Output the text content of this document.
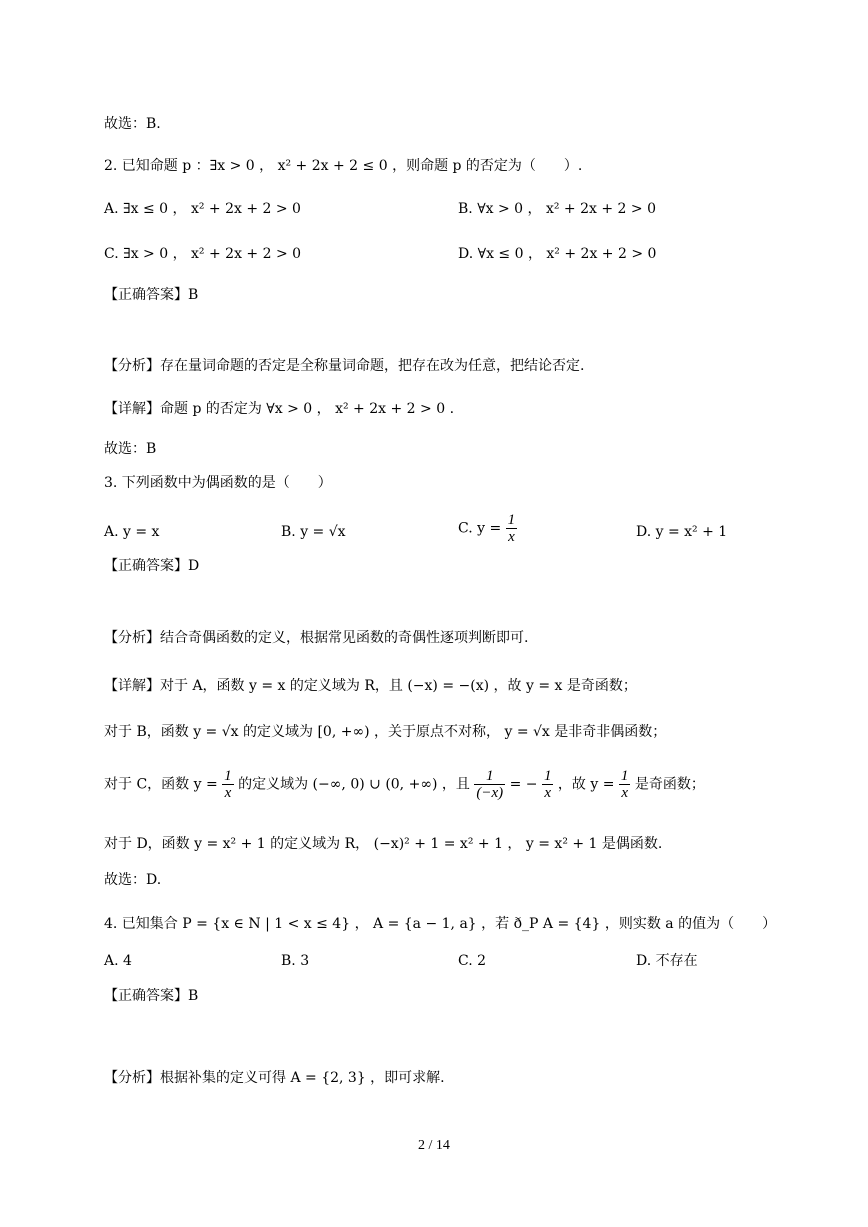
故选：B.
2. 已知命题 p ：∃x > 0 ， x² + 2x + 2 ≤ 0 ，则命题 p 的否定为（　　）.
A. ∃x ≤ 0 ， x² + 2x + 2 > 0	B. ∀x > 0 ， x² + 2x + 2 > 0
C. ∃x > 0 ， x² + 2x + 2 > 0	D. ∀x ≤ 0 ， x² + 2x + 2 > 0
【正确答案】B
【分析】存在量词命题的否定是全称量词命题，把存在改为任意，把结论否定.
【详解】命题 p 的否定为 ∀x > 0 ， x² + 2x + 2 > 0 .
故选：B
3. 下列函数中为偶函数的是（　　）
A. y = x	B. y = √x	C. $y = \frac{1}{x}$	D. y = x² + 1
【正确答案】D
【分析】结合奇偶函数的定义，根据常见函数的奇偶性逐项判断即可.
【详解】对于 A，函数 y = x 的定义域为 R，且 (−x) = −(x) ，故 y = x 是奇函数；
对于 B，函数 y = √x 的定义域为 [0, +∞) ，关于原点不对称， y = √x 是非奇非偶函数；
对于 C，函数 $y = \frac{1}{x}$ 的定义域为 (−∞, 0) ∪ (0, +∞) ，且 $\frac{1}{(-x)}$ = − $\frac{1}{x}$ ，故 $y = \frac{1}{x}$ 是奇函数；
对于 D，函数 y = x² + 1 的定义域为 R， (−x)² + 1 = x² + 1 ， y = x² + 1 是偶函数.
故选：D.
4. 已知集合 P = {x ∈ N | 1 < x ≤ 4} ， A = {a − 1, a} ，若 ð_P A = {4} ，则实数 a 的值为（　　）
A. 4	B. 3	C. 2	D. 不存在
【正确答案】B
【分析】根据补集的定义可得 A = {2, 3} ，即可求解.
2 / 14
